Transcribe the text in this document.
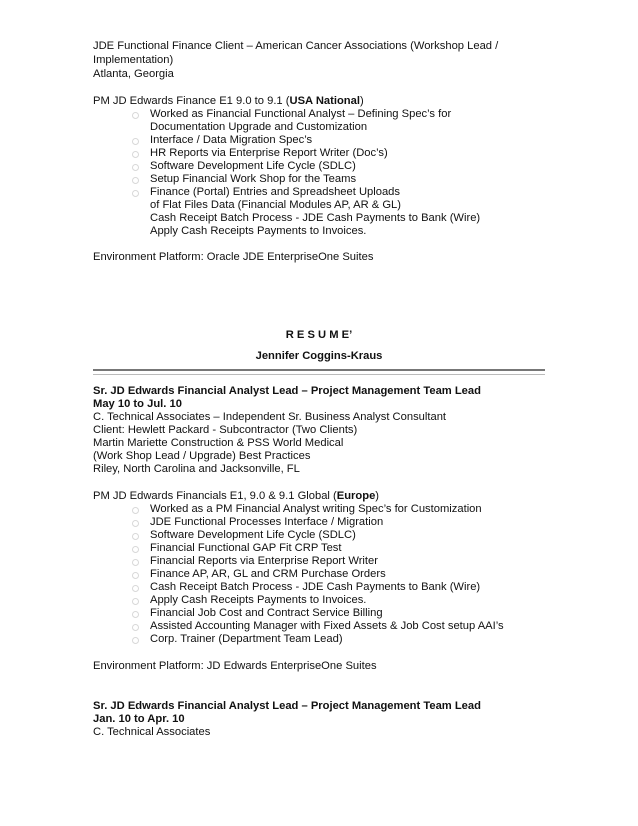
JDE Functional Finance Client – American Cancer Associations (Workshop Lead /
Implementation)
Atlanta, Georgia
PM JD Edwards Finance E1 9.0 to 9.1 (USA National)
Worked as Financial Functional Analyst – Defining Spec’s for
Documentation Upgrade and Customization
Interface / Data Migration Spec’s
HR Reports via Enterprise Report Writer (Doc’s)
Software Development Life Cycle (SDLC)
Setup Financial Work Shop for the Teams
Finance (Portal) Entries and Spreadsheet Uploads
of Flat Files Data (Financial Modules AP, AR & GL)
Cash Receipt Batch Process - JDE Cash Payments to Bank (Wire)
Apply Cash Receipts Payments to Invoices.
Environment Platform: Oracle JDE EnterpriseOne Suites
R E S U M E’
Jennifer Coggins-Kraus
Sr. JD Edwards Financial Analyst Lead – Project Management Team Lead
May 10 to Jul. 10
C. Technical Associates – Independent Sr. Business Analyst Consultant
Client: Hewlett Packard - Subcontractor (Two Clients)
Martin Mariette Construction & PSS World Medical
(Work Shop Lead / Upgrade) Best Practices
Riley, North Carolina and Jacksonville, FL
PM JD Edwards Financials E1, 9.0 & 9.1 Global (Europe)
Worked as a PM Financial Analyst writing Spec’s for Customization
JDE Functional Processes Interface / Migration
Software Development Life Cycle (SDLC)
Financial Functional GAP Fit CRP Test
Financial Reports via Enterprise Report Writer
Finance AP, AR, GL and CRM Purchase Orders
Cash Receipt Batch Process - JDE Cash Payments to Bank (Wire)
Apply Cash Receipts Payments to Invoices.
Financial Job Cost and Contract Service Billing
Assisted Accounting Manager with Fixed Assets & Job Cost setup AAI’s
Corp. Trainer (Department Team Lead)
Environment Platform: JD Edwards EnterpriseOne Suites
Sr. JD Edwards Financial Analyst Lead – Project Management Team Lead
Jan. 10 to Apr. 10
C. Technical Associates
